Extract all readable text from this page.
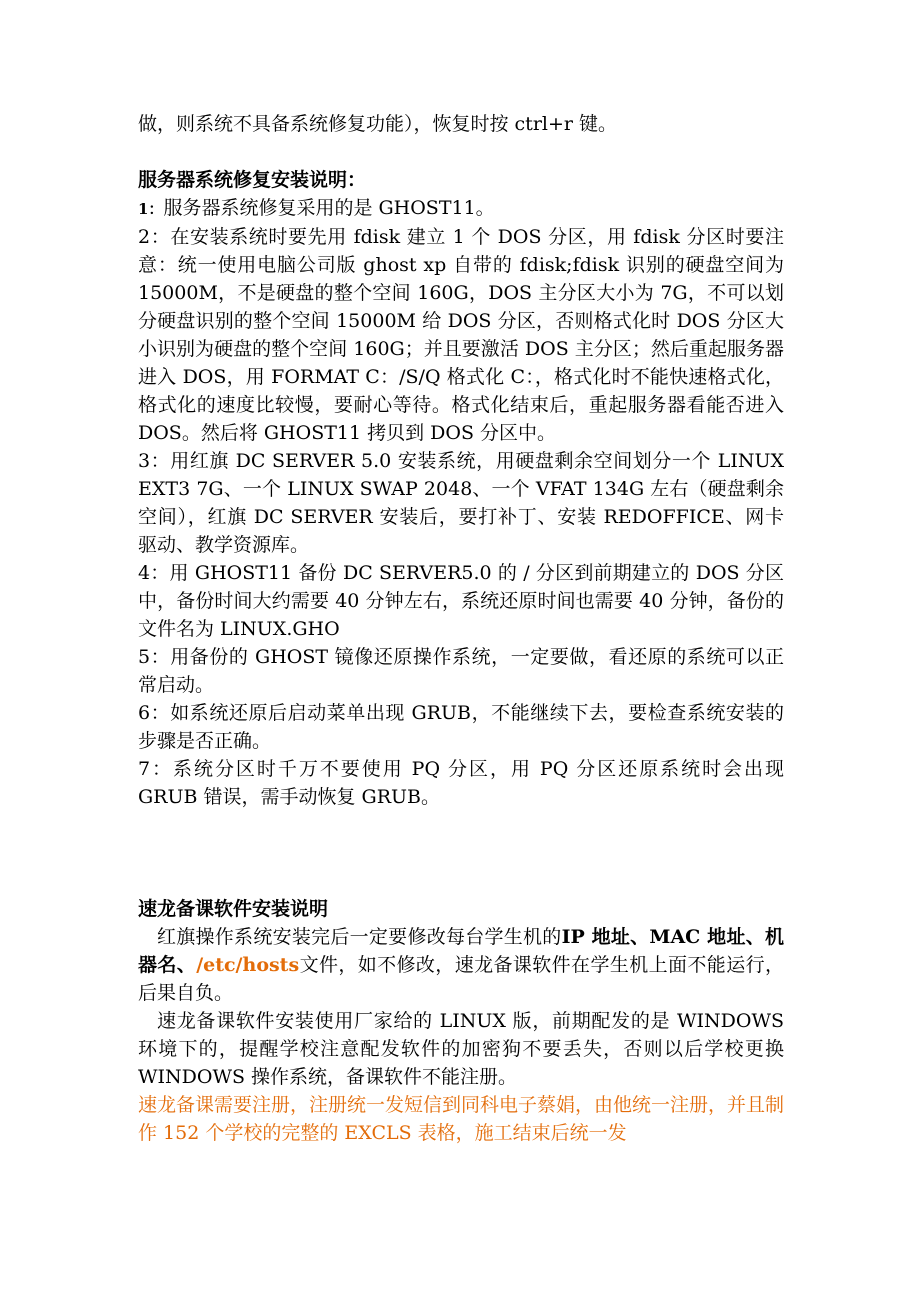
做，则系统不具备系统修复功能），恢复时按 ctrl+r 键。

服务器系统修复安装说明：

1：服务器系统修复采用的是 GHOST11。

2：在安装系统时要先用 fdisk 建立 1 个 DOS 分区，用 fdisk 分区时要注意：统一使用电脑公司版 ghost xp 自带的 fdisk;fdisk 识别的硬盘空间为 15000M，不是硬盘的整个空间 160G，DOS 主分区大小为 7G，不可以划分硬盘识别的整个空间 15000M 给 DOS 分区，否则格式化时 DOS 分区大小识别为硬盘的整个空间 160G；并且要激活 DOS 主分区；然后重起服务器进入 DOS，用 FORMAT C：/S/Q 格式化 C：，格式化时不能快速格式化，格式化的速度比较慢，要耐心等待。格式化结束后，重起服务器看能否进入 DOS。然后将 GHOST11 拷贝到 DOS 分区中。

3：用红旗 DC SERVER 5.0 安装系统，用硬盘剩余空间划分一个 LINUX EXT3 7G、一个 LINUX SWAP 2048、一个 VFAT 134G 左右（硬盘剩余空间），红旗 DC SERVER 安装后，要打补丁、安装 REDOFFICE、网卡驱动、教学资源库。

4：用 GHOST11 备份 DC SERVER5.0 的 / 分区到前期建立的 DOS 分区中，备份时间大约需要 40 分钟左右，系统还原时间也需要 40 分钟，备份的文件名为 LINUX.GHO

5：用备份的 GHOST 镜像还原操作系统，一定要做，看还原的系统可以正常启动。

6：如系统还原后启动菜单出现 GRUB，不能继续下去，要检查系统安装的步骤是否正确。

7：系统分区时千万不要使用 PQ 分区，用 PQ 分区还原系统时会出现 GRUB 错误，需手动恢复 GRUB。

速龙备课软件安装说明

红旗操作系统安装完后一定要修改每台学生机的IP 地址、MAC 地址、机器名、/etc/hosts文件，如不修改，速龙备课软件在学生机上面不能运行，后果自负。

速龙备课软件安装使用厂家给的 LINUX 版，前期配发的是 WINDOWS 环境下的，提醒学校注意配发软件的加密狗不要丢失，否则以后学校更换 WINDOWS 操作系统，备课软件不能注册。

速龙备课需要注册，注册统一发短信到同科电子蔡娟，由他统一注册，并且制作 152 个学校的完整的 EXCLS 表格，施工结束后统一发
